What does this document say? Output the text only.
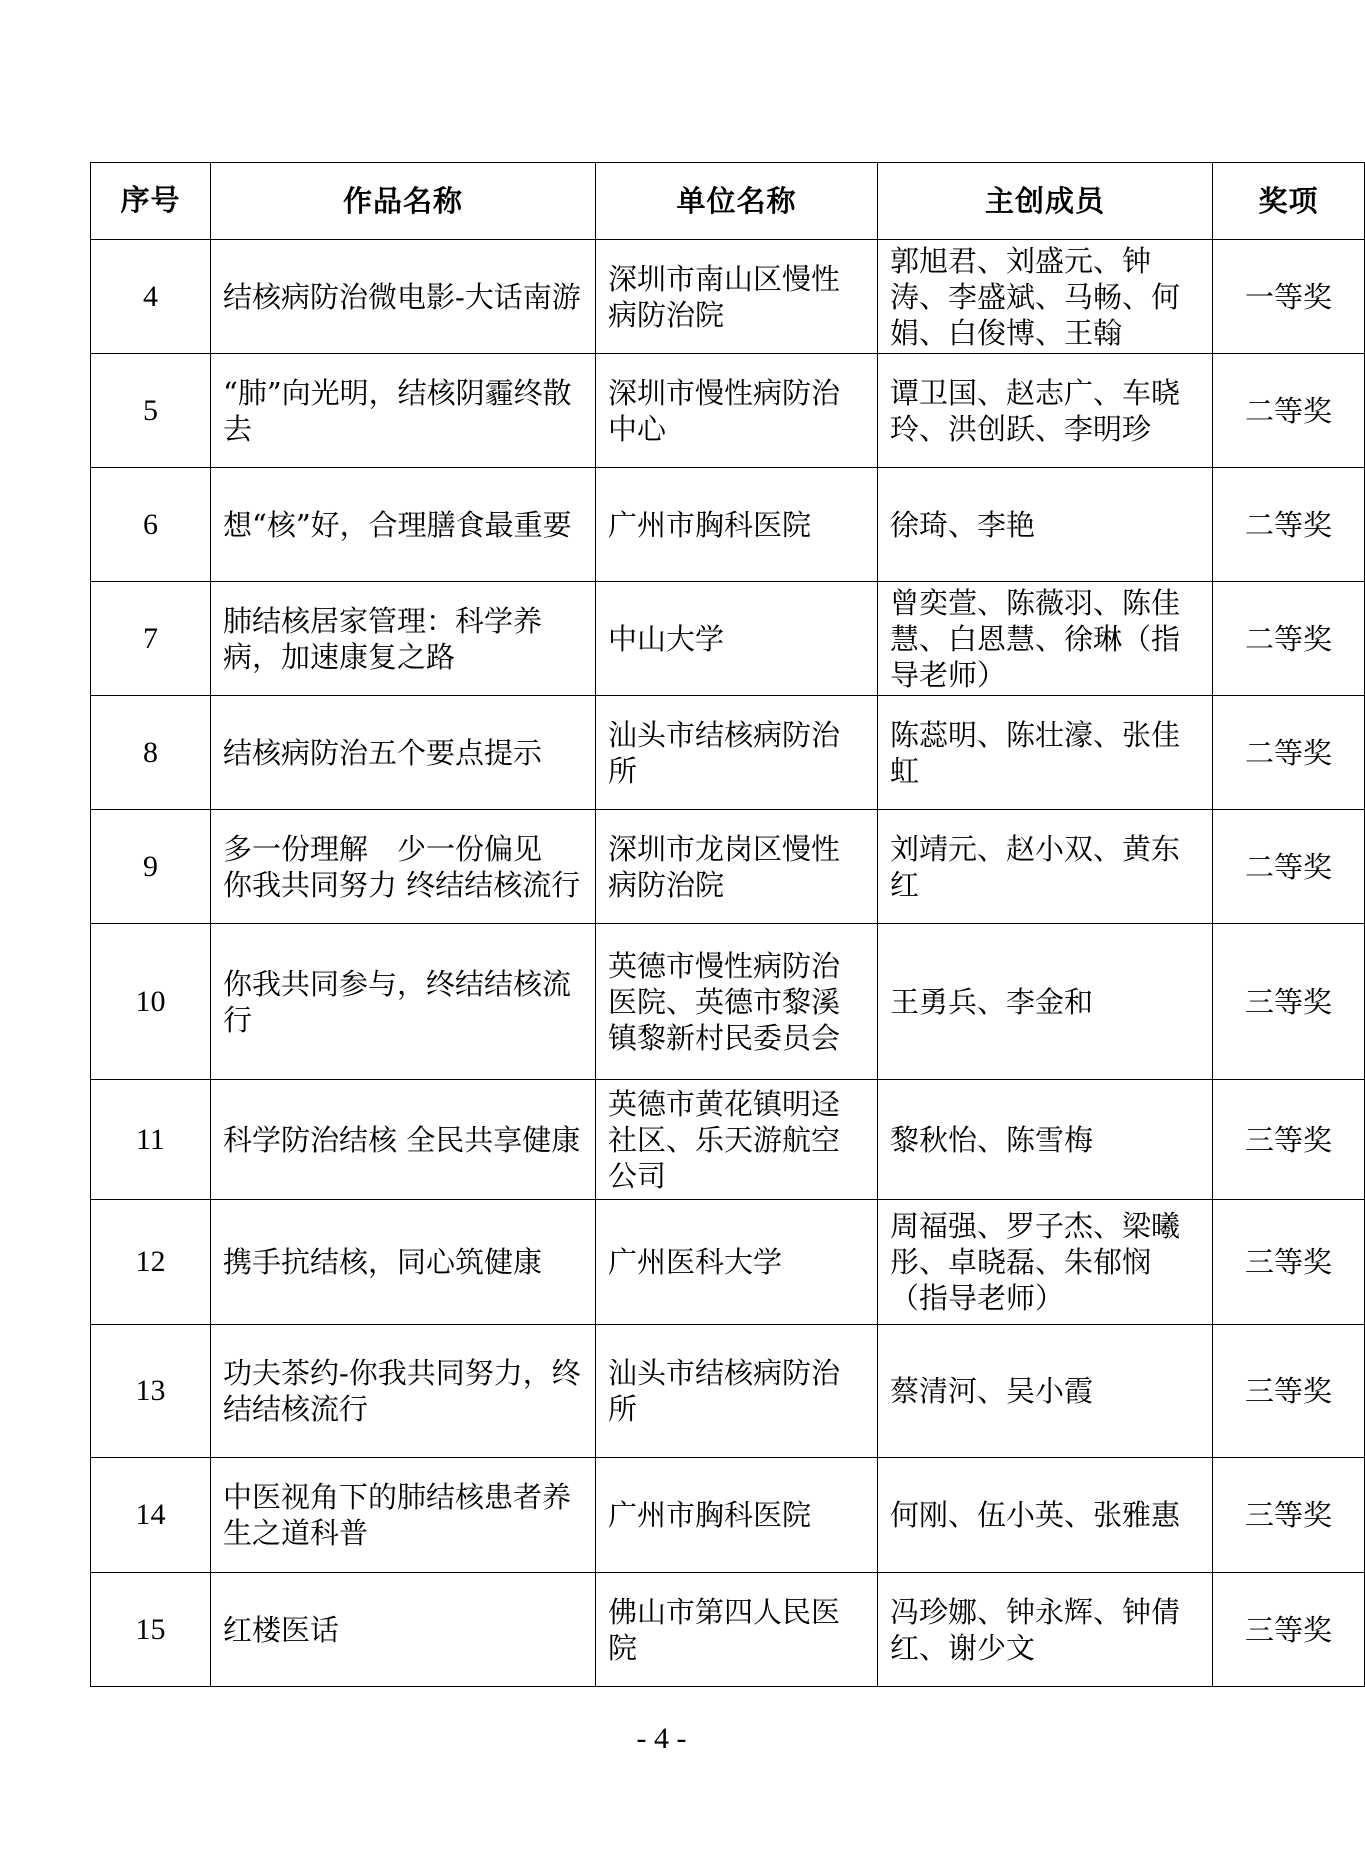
序号	作品名称	单位名称	主创成员	奖项
4	结核病防治微电影-大话南游	深圳市南山区慢性病防治院	郭旭君、刘盛元、钟涛、李盛斌、马畅、何娟、白俊博、王翰	一等奖
5	“肺”向光明，结核阴霾终散去	深圳市慢性病防治中心	谭卫国、赵志广、车晓玲、洪创跃、李明珍	二等奖
6	想“核”好，合理膳食最重要	广州市胸科医院	徐琦、李艳	二等奖
7	肺结核居家管理：科学养病，加速康复之路	中山大学	曾奕萱、陈薇羽、陈佳慧、白恩慧、徐琳（指导老师）	二等奖
8	结核病防治五个要点提示	汕头市结核病防治所	陈蕊明、陈壮濠、张佳虹	二等奖
9	多一份理解　少一份偏见　你我共同努力 终结结核流行	深圳市龙岗区慢性病防治院	刘靖元、赵小双、黄东红	二等奖
10	你我共同参与，终结结核流行	英德市慢性病防治医院、英德市黎溪镇黎新村民委员会	王勇兵、李金和	三等奖
11	科学防治结核 全民共享健康	英德市黄花镇明迳社区、乐天游航空公司	黎秋怡、陈雪梅	三等奖
12	携手抗结核，同心筑健康	广州医科大学	周福强、罗子杰、梁曦彤、卓晓磊、朱郁悯（指导老师）	三等奖
13	功夫茶约-你我共同努力，终结结核流行	汕头市结核病防治所	蔡清河、吴小霞	三等奖
14	中医视角下的肺结核患者养生之道科普	广州市胸科医院	何刚、伍小英、张雅惠	三等奖
15	红楼医话	佛山市第四人民医院	冯珍娜、钟永辉、钟倩红、谢少文	三等奖
- 4 -
